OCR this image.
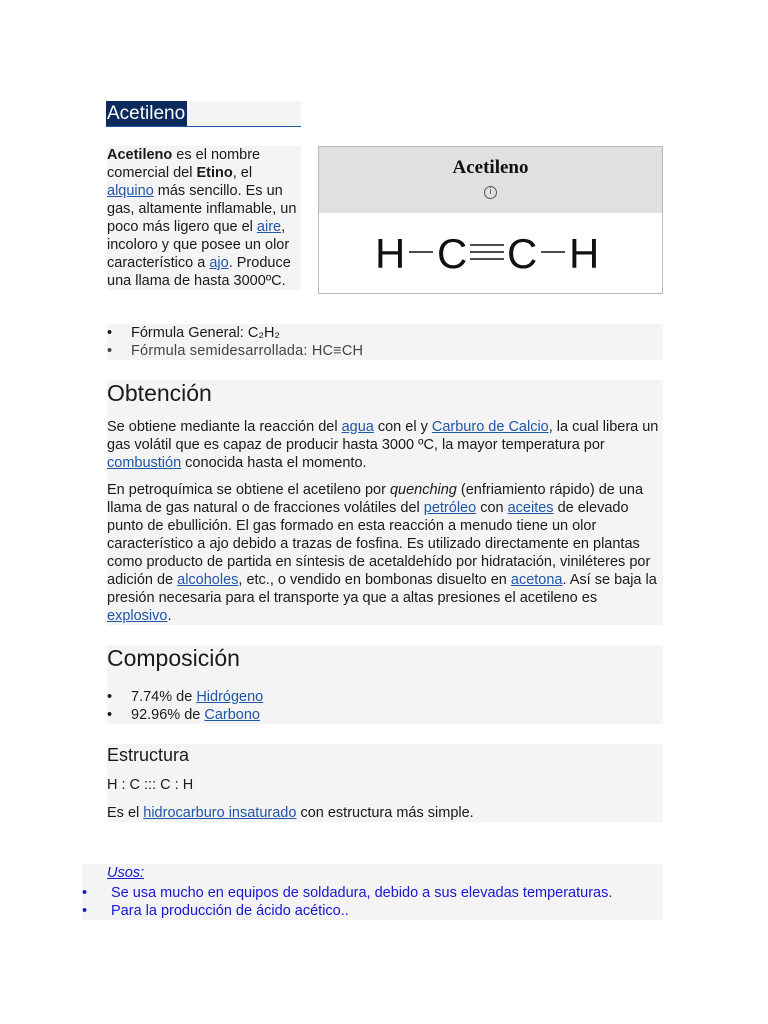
Acetileno

Acetileno es el nombre comercial del Etino, el alquino más sencillo. Es un gas, altamente inflamable, un poco más ligero que el aire, incoloro y que posee un olor característico a ajo. Produce una llama de hasta 3000ºC.

Acetileno
i
H C C H
• Fórmula General: C₂H₂
• Fórmula semidesarrollada: HC≡CH
Obtención

Se obtiene mediante la reacción del agua con el y Carburo de Calcio, la cual libera un gas volátil que es capaz de producir hasta 3000 ºC, la mayor temperatura por combustión conocida hasta el momento.

En petroquímica se obtiene el acetileno por quenching (enfriamiento rápido) de una llama de gas natural o de fracciones volátiles del petróleo con aceites de elevado punto de ebullición. El gas formado en esta reacción a menudo tiene un olor característico a ajo debido a trazas de fosfina. Es utilizado directamente en plantas como producto de partida en síntesis de acetaldehído por hidratación, viniléteres por adición de alcoholes, etc., o vendido en bombonas disuelto en acetona. Así se baja la presión necesaria para el transporte ya que a altas presiones el acetileno es explosivo.

Composición
• 7.74% de Hidrógeno
• 92.96% de Carbono
Estructura
H : C ::: C : H
Es el hidrocarburo insaturado con estructura más simple.
Usos:
• Se usa mucho en equipos de soldadura, debido a sus elevadas temperaturas.
• Para la producción de ácido acético..
